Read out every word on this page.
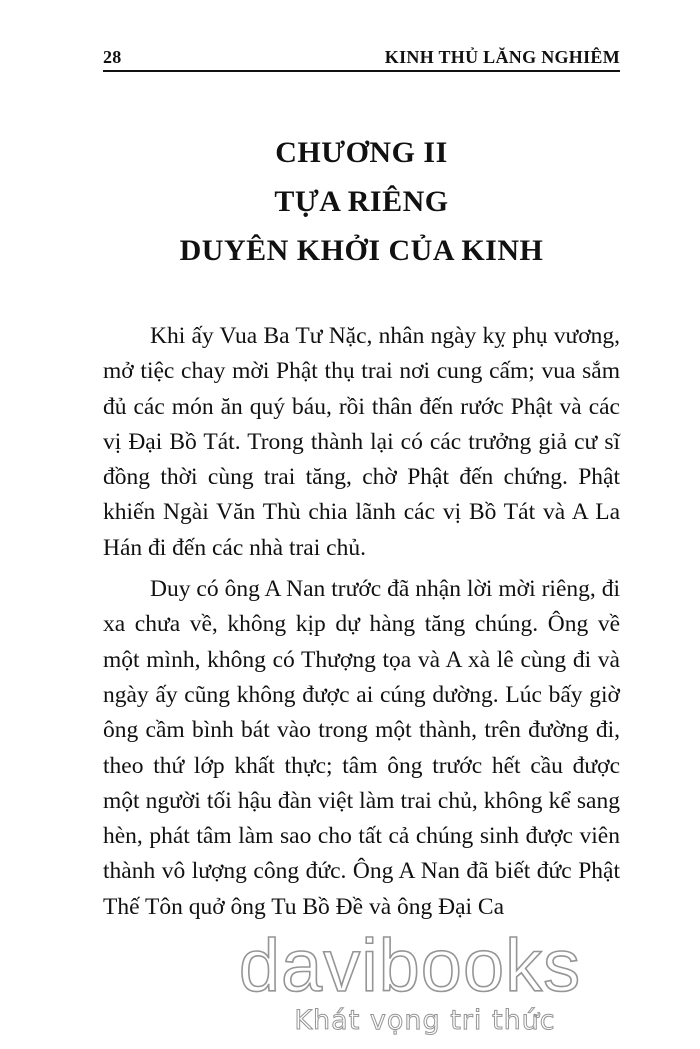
28	KINH THỦ LĂNG NGHIÊM
CHƯƠNG II
TỰA RIÊNG
DUYÊN KHỞI CỦA KINH

Khi ấy Vua Ba Tư Nặc, nhân ngày kỵ phụ vương, mở tiệc chay mời Phật thụ trai nơi cung cấm; vua sắm đủ các món ăn quý báu, rồi thân đến rước Phật và các vị Đại Bồ Tát. Trong thành lại có các trưởng giả cư sĩ đồng thời cùng trai tăng, chờ Phật đến chứng. Phật khiến Ngài Văn Thù chia lãnh các vị Bồ Tát và A La Hán đi đến các nhà trai chủ.

Duy có ông A Nan trước đã nhận lời mời riêng, đi xa chưa về, không kịp dự hàng tăng chúng. Ông về một mình, không có Thượng tọa và A xà lê cùng đi và ngày ấy cũng không được ai cúng dường. Lúc bấy giờ ông cầm bình bát vào trong một thành, trên đường đi, theo thứ lớp khất thực; tâm ông trước hết cầu được một người tối hậu đàn việt làm trai chủ, không kể sang hèn, phát tâm làm sao cho tất cả chúng sinh được viên thành vô lượng công đức. Ông A Nan đã biết đức Phật Thế Tôn quở ông Tu Bồ Đề và ông Đại Ca

davibooks
Khát vọng tri thức
